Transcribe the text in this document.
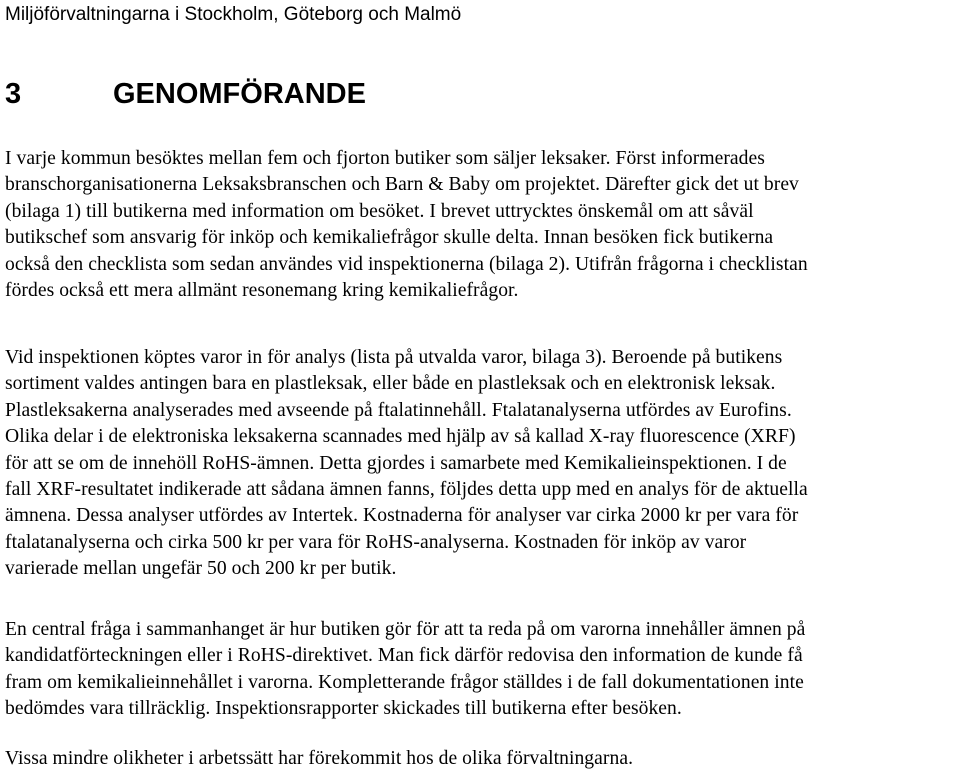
Miljöförvaltningarna i Stockholm, Göteborg och Malmö
3	GENOMFÖRANDE

I varje kommun besöktes mellan fem och fjorton butiker som säljer leksaker. Först informerades
branschorganisationerna Leksaksbranschen och Barn & Baby om projektet. Därefter gick det ut brev
(bilaga 1) till butikerna med information om besöket. I brevet uttrycktes önskemål om att såväl
butikschef som ansvarig för inköp och kemikaliefrågor skulle delta. Innan besöken fick butikerna
också den checklista som sedan användes vid inspektionerna (bilaga 2). Utifrån frågorna i checklistan
fördes också ett mera allmänt resonemang kring kemikaliefrågor.

Vid inspektionen köptes varor in för analys (lista på utvalda varor, bilaga 3). Beroende på butikens
sortiment valdes antingen bara en plastleksak, eller både en plastleksak och en elektronisk leksak.
Plastleksakerna analyserades med avseende på ftalatinnehåll. Ftalatanalyserna utfördes av Eurofins.
Olika delar i de elektroniska leksakerna scannades med hjälp av så kallad X-ray fluorescence (XRF)
för att se om de innehöll RoHS-ämnen. Detta gjordes i samarbete med Kemikalieinspektionen. I de
fall XRF-resultatet indikerade att sådana ämnen fanns, följdes detta upp med en analys för de aktuella
ämnena. Dessa analyser utfördes av Intertek. Kostnaderna för analyser var cirka 2000 kr per vara för
ftalatanalyserna och cirka 500 kr per vara för RoHS-analyserna. Kostnaden för inköp av varor
varierade mellan ungefär 50 och 200 kr per butik.

En central fråga i sammanhanget är hur butiken gör för att ta reda på om varorna innehåller ämnen på
kandidatförteckningen eller i RoHS-direktivet. Man fick därför redovisa den information de kunde få
fram om kemikalieinnehållet i varorna. Kompletterande frågor ställdes i de fall dokumentationen inte
bedömdes vara tillräcklig. Inspektionsrapporter skickades till butikerna efter besöken.

Vissa mindre olikheter i arbetssätt har förekommit hos de olika förvaltningarna.
